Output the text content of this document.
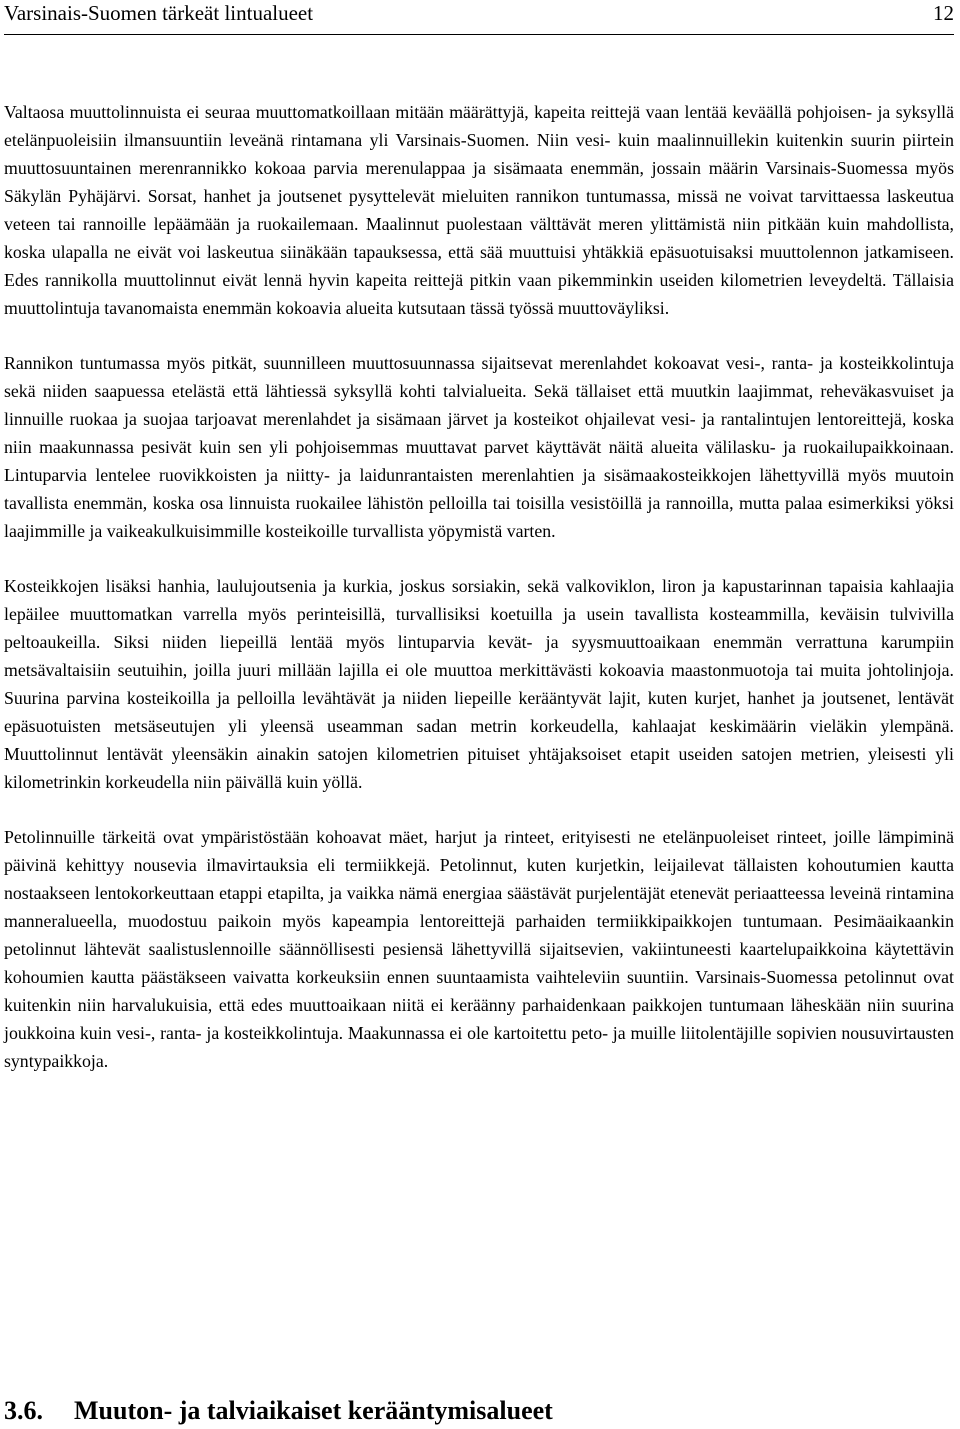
Varsinais-Suomen tärkeät lintualueet	12

Valtaosa muuttolinnuista ei seuraa muuttomatkoillaan mitään määrättyjä, kapeita reittejä vaan lentää keväällä pohjoisen- ja syksyllä etelänpuoleisiin ilmansuuntiin leveänä rintamana yli Varsinais-Suomen. Niin vesi- kuin maalinnuillekin kuitenkin suurin piirtein muuttosuuntainen merenrannikko kokoaa parvia merenulappaa ja sisämaata enemmän, jossain määrin Varsinais-Suomessa myös Säkylän Pyhäjärvi. Sorsat, hanhet ja joutsenet pysyttelevät mieluiten rannikon tuntumassa, missä ne voivat tarvittaessa laskeutua veteen tai rannoille lepäämään ja ruokailemaan. Maalinnut puolestaan välttävät meren ylittämistä niin pitkään kuin mahdollista, koska ulapalla ne eivät voi laskeutua siinäkään tapauksessa, että sää muuttuisi yhtäkkiä epäsuotuisaksi muuttolennon jatkamiseen. Edes rannikolla muuttolinnut eivät lennä hyvin kapeita reittejä pitkin vaan pikemminkin useiden kilometrien leveydeltä. Tällaisia muuttolintuja tavanomaista enemmän kokoavia alueita kutsutaan tässä työssä muuttoväyliksi.

Rannikon tuntumassa myös pitkät, suunnilleen muuttosuunnassa sijaitsevat merenlahdet kokoavat vesi-, ranta- ja kosteikkolintuja sekä niiden saapuessa etelästä että lähtiessä syksyllä kohti talvialueita. Sekä tällaiset että muutkin laajimmat, reheväkasvuiset ja linnuille ruokaa ja suojaa tarjoavat merenlahdet ja sisämaan järvet ja kosteikot ohjailevat vesi- ja rantalintujen lentoreittejä, koska niin maakunnassa pesivät kuin sen yli pohjoisemmas muuttavat parvet käyttävät näitä alueita välilasku- ja ruokailupaikkoinaan. Lintuparvia lentelee ruovikkoisten ja niitty- ja laidunrantaisten merenlahtien ja sisämaakosteikkojen lähettyvillä myös muutoin tavallista enemmän, koska osa linnuista ruokailee lähistön pelloilla tai toisilla vesistöillä ja rannoilla, mutta palaa esimerkiksi yöksi laajimmille ja vaikeakulkuisimmille kosteikoille turvallista yöpymistä varten.

Kosteikkojen lisäksi hanhia, laulujoutsenia ja kurkia, joskus sorsiakin, sekä valkoviklon, liron ja kapustarinnan tapaisia kahlaajia lepäilee muuttomatkan varrella myös perinteisillä, turvallisiksi koetuilla ja usein tavallista kosteammilla, keväisin tulvivilla peltoaukeilla. Siksi niiden liepeillä lentää myös lintuparvia kevät- ja syysmuuttoaikaan enemmän verrattuna karumpiin metsävaltaisiin seutuihin, joilla juuri millään lajilla ei ole muuttoa merkittävästi kokoavia maastonmuotoja tai muita johtolinjoja. Suurina parvina kosteikoilla ja pelloilla levähtävät ja niiden liepeille kerääntyvät lajit, kuten kurjet, hanhet ja joutsenet, lentävät epäsuotuisten metsäseutujen yli yleensä useamman sadan metrin korkeudella, kahlaajat keskimäärin vieläkin ylempänä. Muuttolinnut lentävät yleensäkin ainakin satojen kilometrien pituiset yhtäjaksoiset etapit useiden satojen metrien, yleisesti yli kilometrinkin korkeudella niin päivällä kuin yöllä.

Petolinnuille tärkeitä ovat ympäristöstään kohoavat mäet, harjut ja rinteet, erityisesti ne etelänpuoleiset rinteet, joille lämpiminä päivinä kehittyy nousevia ilmavirtauksia eli termiikkejä. Petolinnut, kuten kurjetkin, leijailevat tällaisten kohoutumien kautta nostaakseen lentokorkeuttaan etappi etapilta, ja vaikka nämä energiaa säästävät purjelentäjät etenevät periaatteessa leveinä rintamina manneralueella, muodostuu paikoin myös kapeampia lentoreittejä parhaiden termiikkipaikkojen tuntumaan. Pesimäaikaankin petolinnut lähtevät saalistuslennoille säännöllisesti pesiensä lähettyvillä sijaitsevien, vakiintuneesti kaartelupaikkoina käytettävin kohoumien kautta päästäkseen vaivatta korkeuksiin ennen suuntaamista vaihteleviin suuntiin. Varsinais-Suomessa petolinnut ovat kuitenkin niin harvalukuisia, että edes muuttoaikaan niitä ei keräänny parhaidenkaan paikkojen tuntumaan läheskään niin suurina joukkoina kuin vesi-, ranta- ja kosteikkolintuja. Maakunnassa ei ole kartoitettu peto- ja muille liitolentäjille sopivien nousuvirtausten syntypaikkoja.

3.6. Muuton- ja talviaikaiset kerääntymisalueet
